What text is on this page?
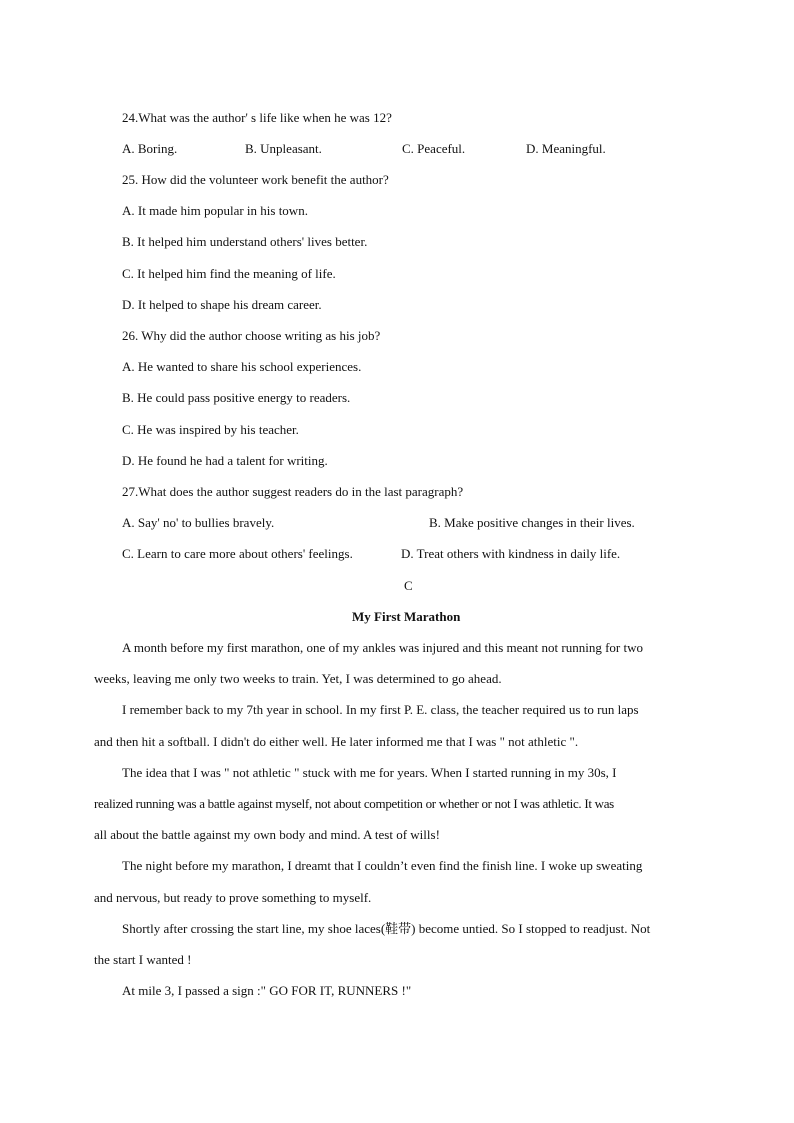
24.What was the author' s life like when he was 12?
A. Boring.	B. Unpleasant.	C. Peaceful.	D. Meaningful.
25. How did the volunteer work benefit the author?
A. It made him popular in his town.
B. It helped him understand others' lives better.
C. It helped him find the meaning of life.
D. It helped to shape his dream career.
26. Why did the author choose writing as his job?
A. He wanted to share his school experiences.
B. He could pass positive energy to readers.
C. He was inspired by his teacher.
D. He found he had a talent for writing.
27.What does the author suggest readers do in the last paragraph?
A. Say' no' to bullies bravely.	B. Make positive changes in their lives.
C. Learn to care more about others' feelings.	D. Treat others with kindness in daily life.
C
My First Marathon
A month before my first marathon, one of my ankles was injured and this meant not running for two
weeks, leaving me only two weeks to train. Yet, I was determined to go ahead.
I remember back to my 7th year in school. In my first P. E. class, the teacher required us to run laps
and then hit a softball. I didn't do either well. He later informed me that I was " not athletic ".
The idea that I was " not athletic " stuck with me for years. When I started running in my 30s, I
realized running was a battle against myself, not about competition or whether or not I was athletic. It was
all about the battle against my own body and mind. A test of wills!
The night before my marathon, I dreamt that I couldn’t even find the finish line. I woke up sweating
and nervous, but ready to prove something to myself.
Shortly after crossing the start line, my shoe laces(鞋带) become untied. So I stopped to readjust. Not
the start I wanted !
At mile 3, I passed a sign :" GO FOR IT, RUNNERS !"
